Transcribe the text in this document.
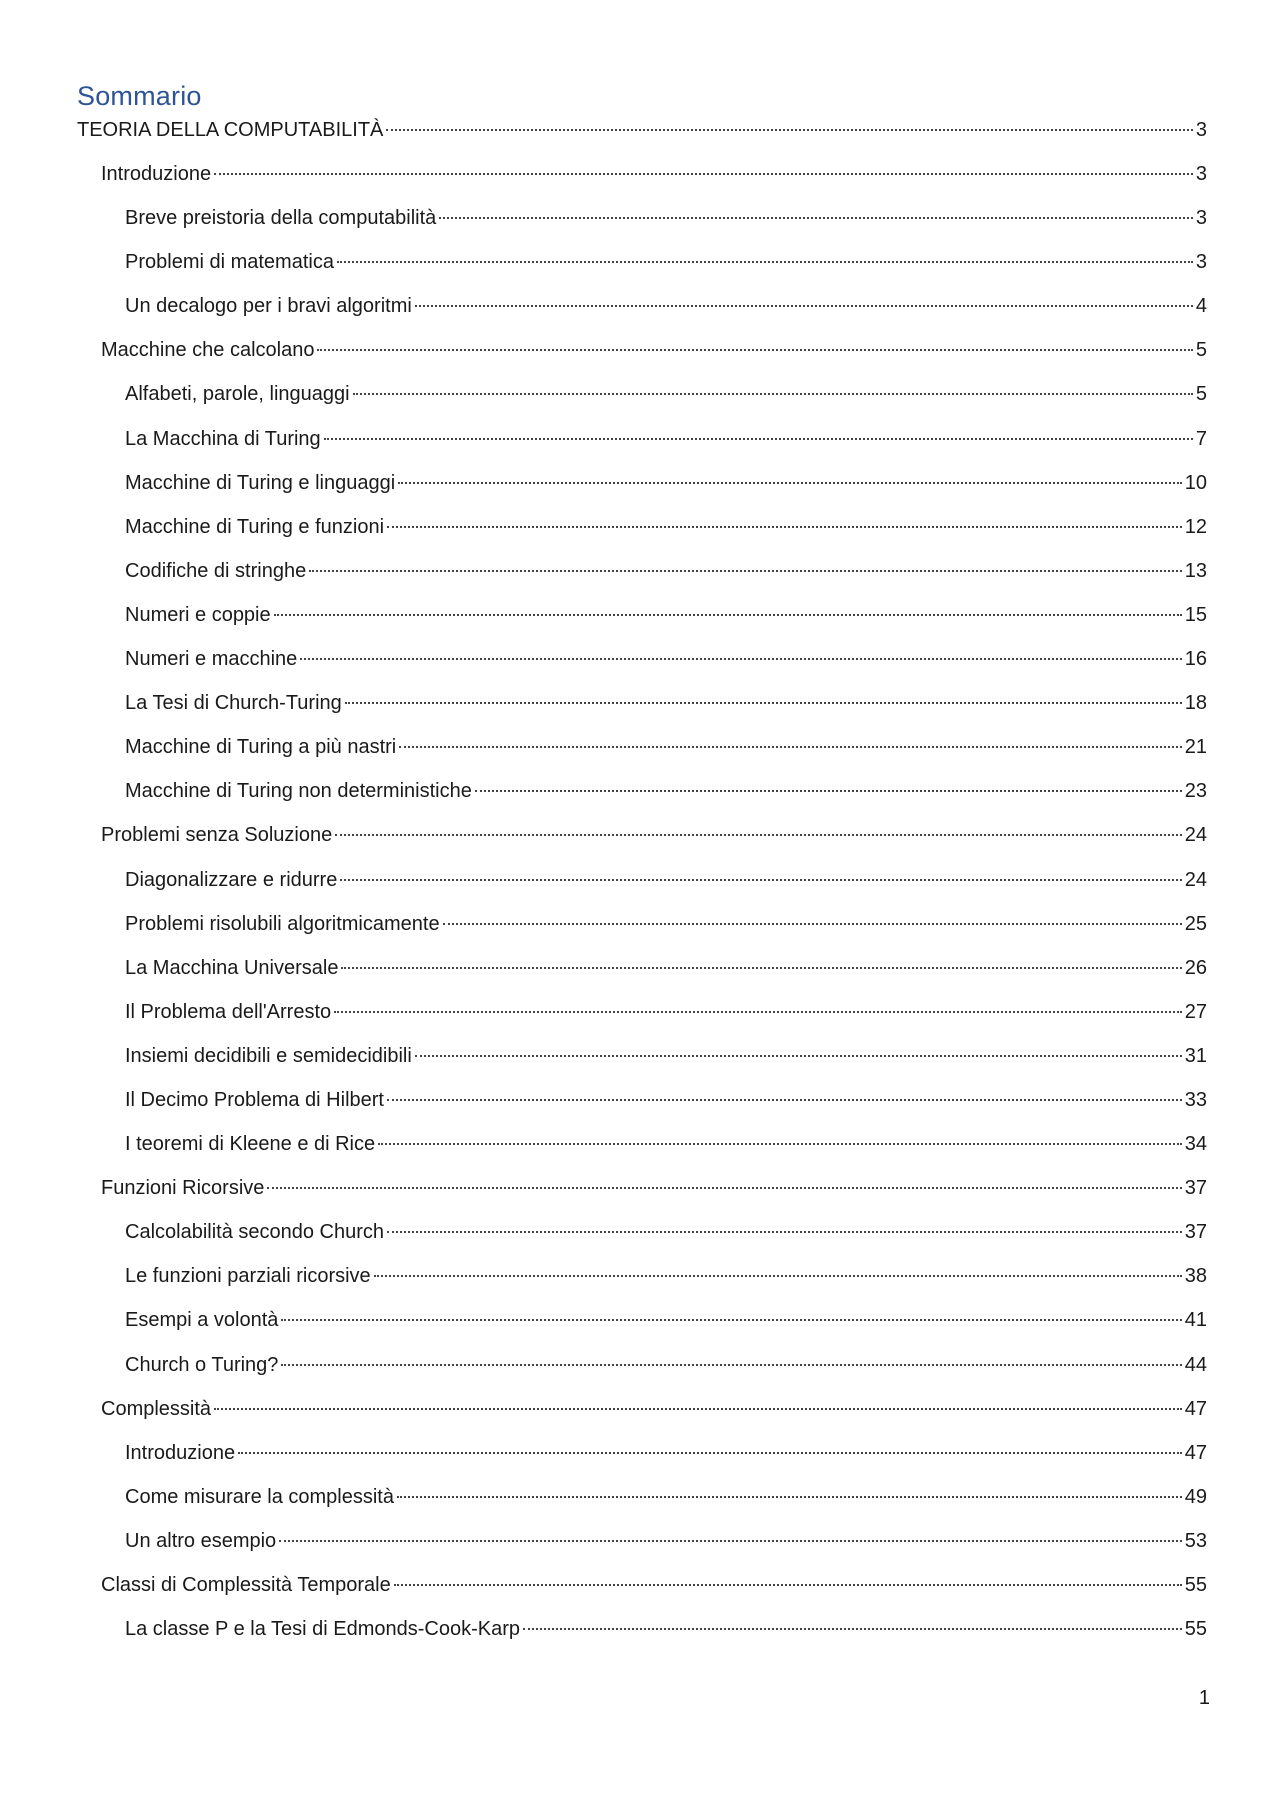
Sommario
TEORIA DELLA COMPUTABILITÀ	3
Introduzione	3
Breve preistoria della computabilità	3
Problemi di matematica	3
Un decalogo per i bravi algoritmi	4
Macchine che calcolano	5
Alfabeti, parole, linguaggi	5
La Macchina di Turing	7
Macchine di Turing e linguaggi	10
Macchine di Turing e funzioni	12
Codifiche di stringhe	13
Numeri e coppie	15
Numeri e macchine	16
La Tesi di Church-Turing	18
Macchine di Turing a più nastri	21
Macchine di Turing non deterministiche	23
Problemi senza Soluzione	24
Diagonalizzare e ridurre	24
Problemi risolubili algoritmicamente	25
La Macchina Universale	26
Il Problema dell'Arresto	27
Insiemi decidibili e semidecidibili	31
Il Decimo Problema di Hilbert	33
I teoremi di Kleene e di Rice	34
Funzioni Ricorsive	37
Calcolabilità secondo Church	37
Le funzioni parziali ricorsive	38
Esempi a volontà	41
Church o Turing?	44
Complessità	47
Introduzione	47
Come misurare la complessità	49
Un altro esempio	53
Classi di Complessità Temporale	55
La classe P e la Tesi di Edmonds-Cook-Karp	55
1
